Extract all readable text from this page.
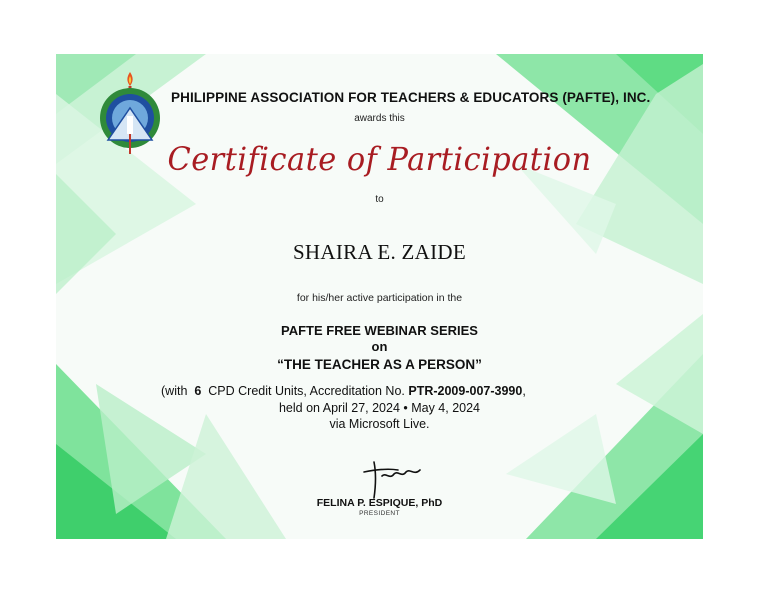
PHILIPPINE ASSOCIATION FOR TEACHERS & EDUCATORS (PAFTE), INC.
awards this
Certificate of Participation
to
SHAIRA E. ZAIDE
for his/her active participation in the
PAFTE FREE WEBINAR SERIES
on
“THE TEACHER AS A PERSON”
(with 6 CPD Credit Units, Accreditation No. PTR-2009-007-3990,
held on April 27, 2024 • May 4, 2024
via Microsoft Live.
FELINA P. ESPIQUE, PhD
PRESIDENT
